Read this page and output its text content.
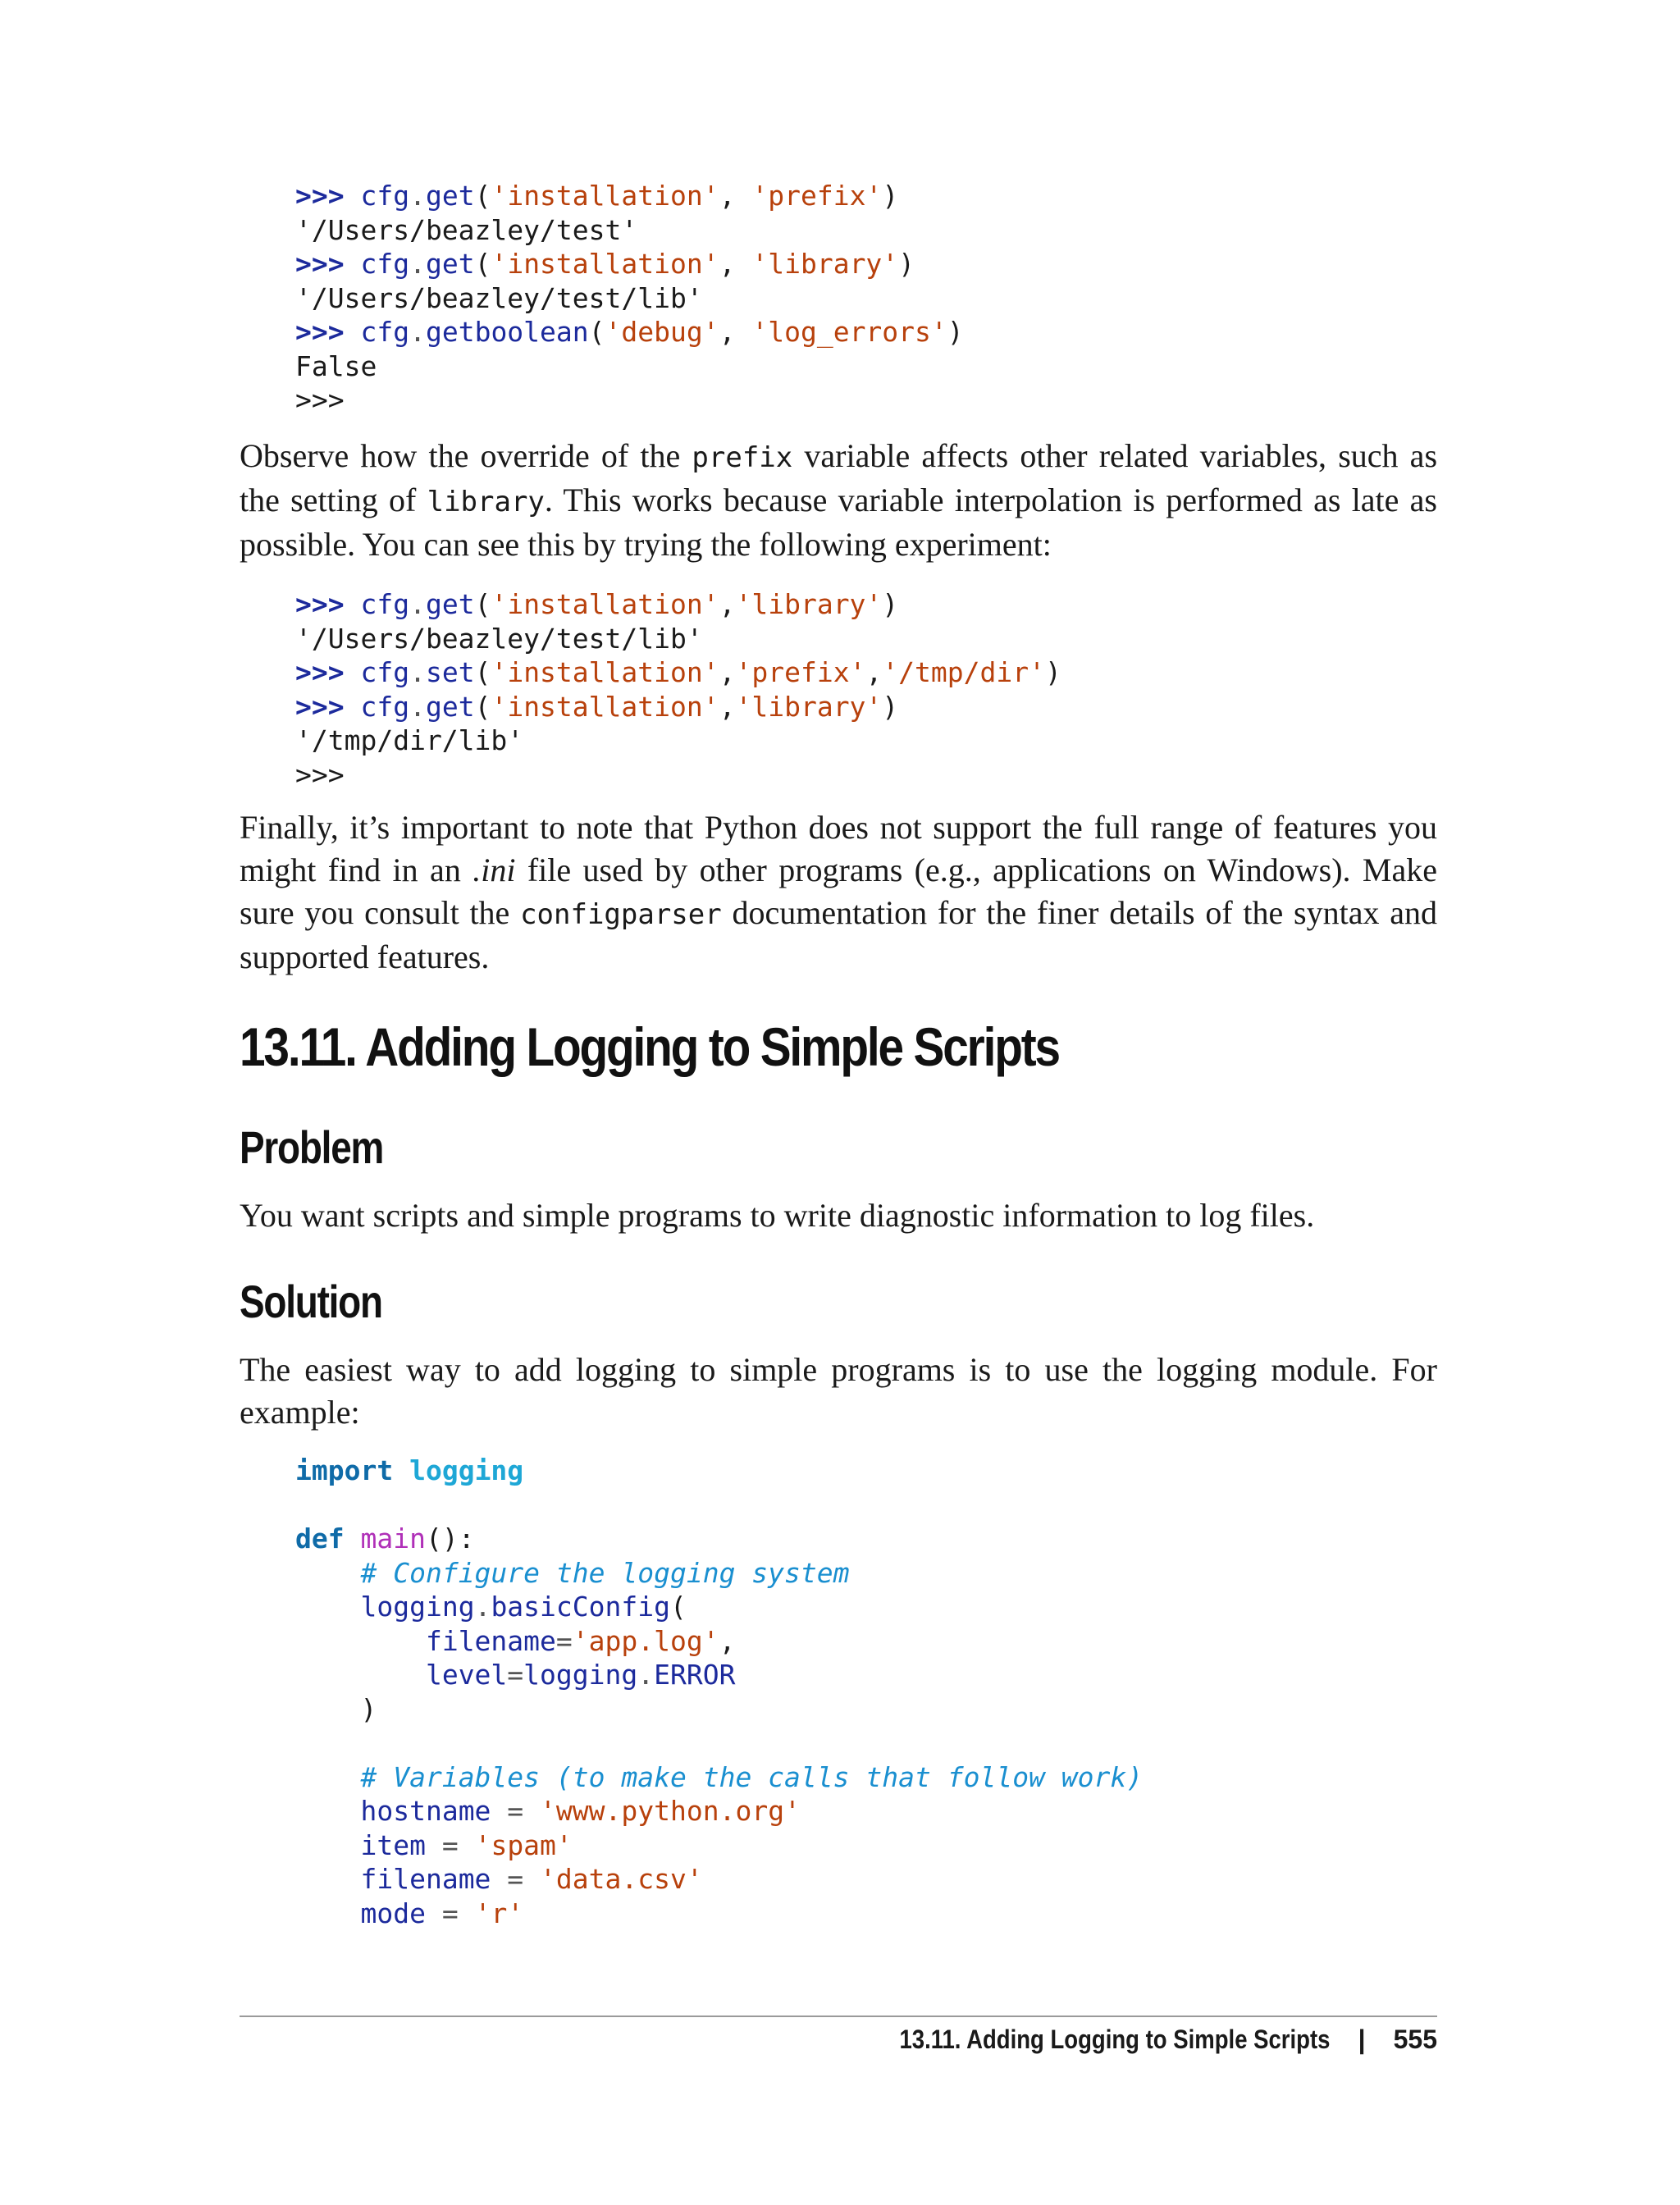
>>> cfg.get('installation', 'prefix')
'/Users/beazley/test'
>>> cfg.get('installation', 'library')
'/Users/beazley/test/lib'
>>> cfg.getboolean('debug', 'log_errors')
False
>>>

Observe how the override of the prefix variable affects other related variables, such as the setting of library. This works because variable interpolation is performed as late as possible. You can see this by trying the following experiment:

>>> cfg.get('installation','library')
'/Users/beazley/test/lib'
>>> cfg.set('installation','prefix','/tmp/dir')
>>> cfg.get('installation','library')
'/tmp/dir/lib'
>>>

Finally, it’s important to note that Python does not support the full range of features you might find in an .ini file used by other programs (e.g., applications on Windows). Make sure you consult the configparser documentation for the finer details of the syntax and supported features.

13.11. Adding Logging to Simple Scripts
Problem

You want scripts and simple programs to write diagnostic information to log files.

Solution

The easiest way to add logging to simple programs is to use the logging module. For example:

import logging

def main():
# Configure the logging system
logging.basicConfig(
filename='app.log',
level=logging.ERROR
)

# Variables (to make the calls that follow work)
hostname = 'www.python.org'
item = 'spam'
filename = 'data.csv'
mode = 'r'
13.11. Adding Logging to Simple Scripts | 555
